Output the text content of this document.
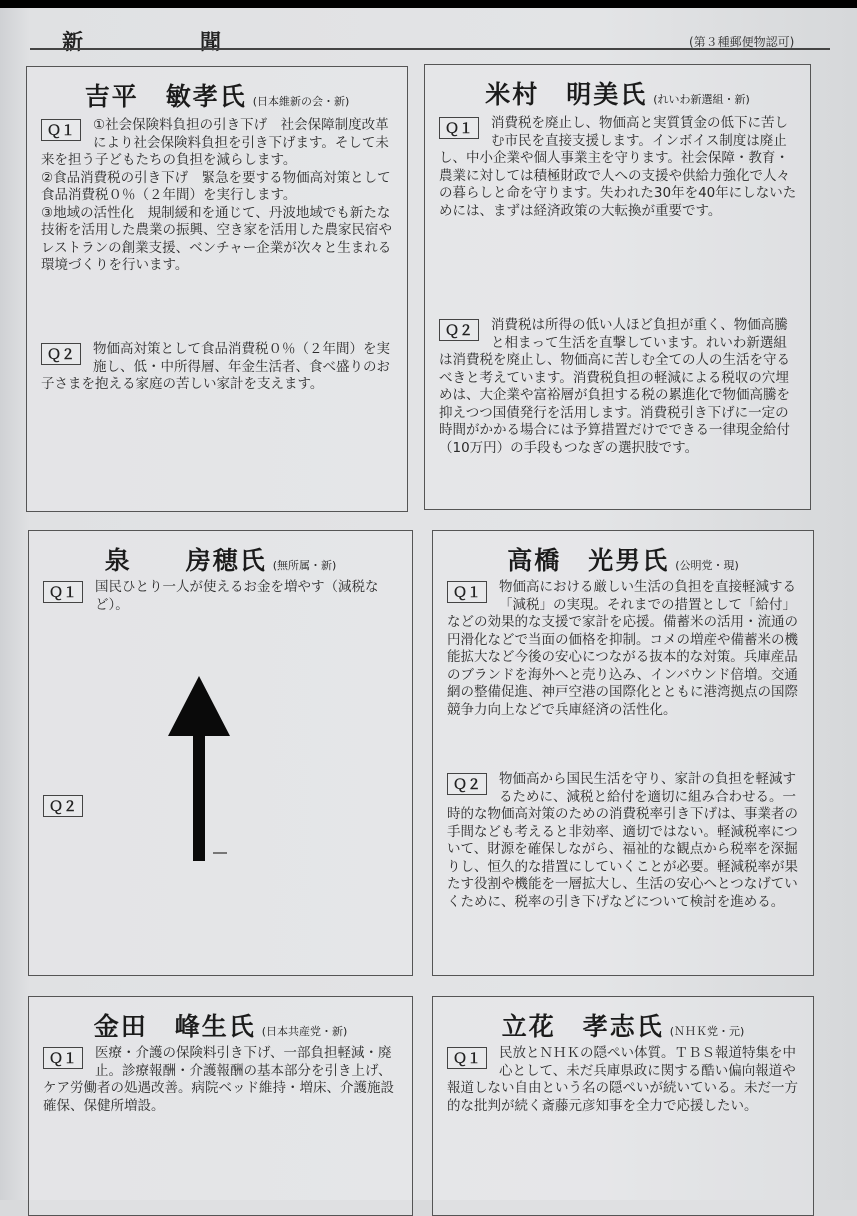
新　聞	(第３種郵便物認可)
吉平　敏孝氏 (日本維新の会・新)
Ｑ１	①社会保険料負担の引き下げ　社会保障制度改革により社会保険料負担を引き下げます。そして未来を担う子どもたちの負担を減らします。

②食品消費税の引き下げ　緊急を要する物価高対策として食品消費税０％（２年間）を実行します。

③地域の活性化　規制緩和を通じて、丹波地域でも新たな技術を活用した農業の振興、空き家を活用した農家民宿やレストランの創業支援、ベンチャー企業が次々と生まれる環境づくりを行います。

Ｑ２	物価高対策として食品消費税０％（２年間）を実施し、低・中所得層、年金生活者、食べ盛りのお子さまを抱える家庭の苦しい家計を支えます。

米村　明美氏 (れいわ新選組・新)
Ｑ１	消費税を廃止し、物価高と実質賃金の低下に苦しむ市民を直接支援します。インボイス制度は廃止し、中小企業や個人事業主を守ります。社会保障・教育・農業に対しては積極財政で人への支援や供給力強化で人々の暮らしと命を守ります。失われた30年を40年にしないためには、まずは経済政策の大転換が重要です。

Ｑ２	消費税は所得の低い人ほど負担が重く、物価高騰と相まって生活を直撃しています。れいわ新選組は消費税を廃止し、物価高に苦しむ全ての人の生活を守るべきと考えています。消費税負担の軽減による税収の穴埋めは、大企業や富裕層が負担する税の累進化で物価高騰を抑えつつ国債発行を活用します。消費税引き下げに一定の時間がかかる場合には予算措置だけでできる一律現金給付（10万円）の手段もつなぎの選択肢です。

泉　　房穂氏 (無所属・新)
Ｑ１	国民ひとり一人が使えるお金を増やす（減税など）。

Ｑ２
高橋　光男氏 (公明党・現)
Ｑ１	物価高における厳しい生活の負担を直接軽減する「減税」の実現。それまでの措置として「給付」などの効果的な支援で家計を応援。備蓄米の活用・流通の円滑化などで当面の価格を抑制。コメの増産や備蓄米の機能拡大など今後の安心につながる抜本的な対策。兵庫産品のブランドを海外へと売り込み、インバウンド倍増。交通網の整備促進、神戸空港の国際化とともに港湾拠点の国際競争力向上などで兵庫経済の活性化。

Ｑ２	物価高から国民生活を守り、家計の負担を軽減するために、減税と給付を適切に組み合わせる。一時的な物価高対策のための消費税率引き下げは、事業者の手間なども考えると非効率、適切ではない。軽減税率について、財源を確保しながら、福祉的な観点から税率を深掘りし、恒久的な措置にしていくことが必要。軽減税率が果たす役割や機能を一層拡大し、生活の安心へとつなげていくために、税率の引き下げなどについて検討を進める。

金田　峰生氏 (日本共産党・新)
Ｑ１	医療・介護の保険料引き下げ、一部負担軽減・廃止。診療報酬・介護報酬の基本部分を引き上げ、ケア労働者の処遇改善。病院ベッド維持・増床、介護施設確保、保健所増設。

立花　孝志氏 (ＮＨＫ党・元)
Ｑ１	民放とＮＨＫの隠ぺい体質。ＴＢＳ報道特集を中心として、未だ兵庫県政に関する酷い偏向報道や報道しない自由という名の隠ぺいが続いている。未だ一方的な批判が続く斎藤元彦知事を全力で応援したい。
